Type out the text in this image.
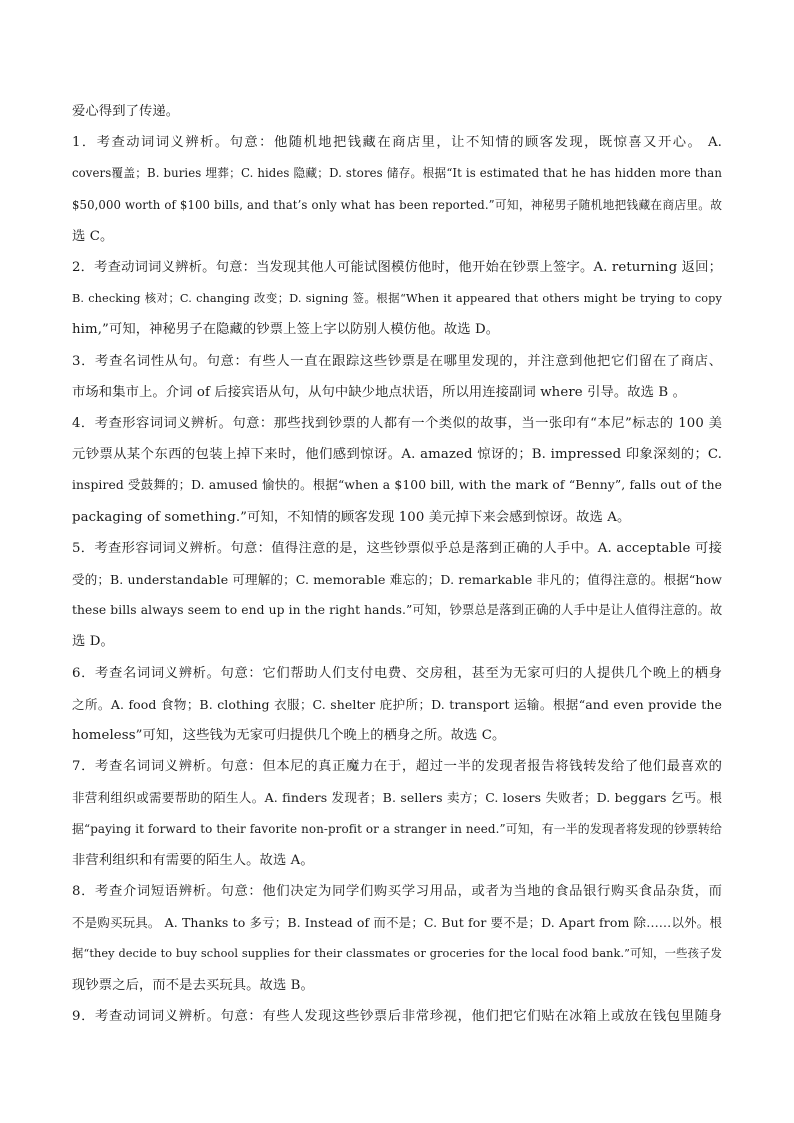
爱心得到了传递。

1．考查动词词义辨析。句意：他随机地把钱藏在商店里，让不知情的顾客发现，既惊喜又开心。 A.
covers覆盖；B. buries 埋葬；C. hides 隐藏；D. stores 储存。根据“It is estimated that he has hidden more than
$50,000 worth of $100 bills, and that’s only what has been reported.”可知，神秘男子随机地把钱藏在商店里。故
选 C。

2．考查动词词义辨析。句意：当发现其他人可能试图模仿他时，他开始在钞票上签字。A. returning 返回；
B. checking 核对；C. changing 改变；D. signing 签。根据“When it appeared that others might be trying to copy
him,”可知，神秘男子在隐藏的钞票上签上字以防别人模仿他。故选 D。

3．考查名词性从句。句意：有些人一直在跟踪这些钞票是在哪里发现的，并注意到他把它们留在了商店、
市场和集市上。介词 of 后接宾语从句，从句中缺少地点状语，所以用连接副词 where 引导。故选 B 。

4．考查形容词词义辨析。句意：那些找到钞票的人都有一个类似的故事，当一张印有“本尼”标志的 100 美
元钞票从某个东西的包装上掉下来时，他们感到惊讶。A. amazed 惊讶的；B. impressed 印象深刻的；C.
inspired 受鼓舞的；D. amused 愉快的。根据“when a $100 bill, with the mark of “Benny”, falls out of the
packaging of something.”可知，不知情的顾客发现 100 美元掉下来会感到惊讶。故选 A。

5．考查形容词词义辨析。句意：值得注意的是，这些钞票似乎总是落到正确的人手中。A. acceptable 可接
受的；B. understandable 可理解的；C. memorable 难忘的；D. remarkable 非凡的；值得注意的。根据“how
these bills always seem to end up in the right hands.”可知，钞票总是落到正确的人手中是让人值得注意的。故
选 D。

6．考查名词词义辨析。句意：它们帮助人们支付电费、交房租，甚至为无家可归的人提供几个晚上的栖身
之所。A. food 食物；B. clothing 衣服；C. shelter 庇护所；D. transport 运输。根据“and even provide the
homeless”可知，这些钱为无家可归提供几个晚上的栖身之所。故选 C。

7．考查名词词义辨析。句意：但本尼的真正魔力在于，超过一半的发现者报告将钱转发给了他们最喜欢的
非营利组织或需要帮助的陌生人。A. finders 发现者；B. sellers 卖方；C. losers 失败者；D. beggars 乞丐。根
据“paying it forward to their favorite non-profit or a stranger in need.”可知，有一半的发现者将发现的钞票转给
非营利组织和有需要的陌生人。故选 A。

8．考查介词短语辨析。句意：他们决定为同学们购买学习用品，或者为当地的食品银行购买食品杂货，而
不是购买玩具。 A. Thanks to 多亏；B. Instead of 而不是；C. But for 要不是；D. Apart from 除……以外。根
据“they decide to buy school supplies for their classmates or groceries for the local food bank.”可知，一些孩子发
现钞票之后，而不是去买玩具。故选 B。

9．考查动词词义辨析。句意：有些人发现这些钞票后非常珍视，他们把它们贴在冰箱上或放在钱包里随身
